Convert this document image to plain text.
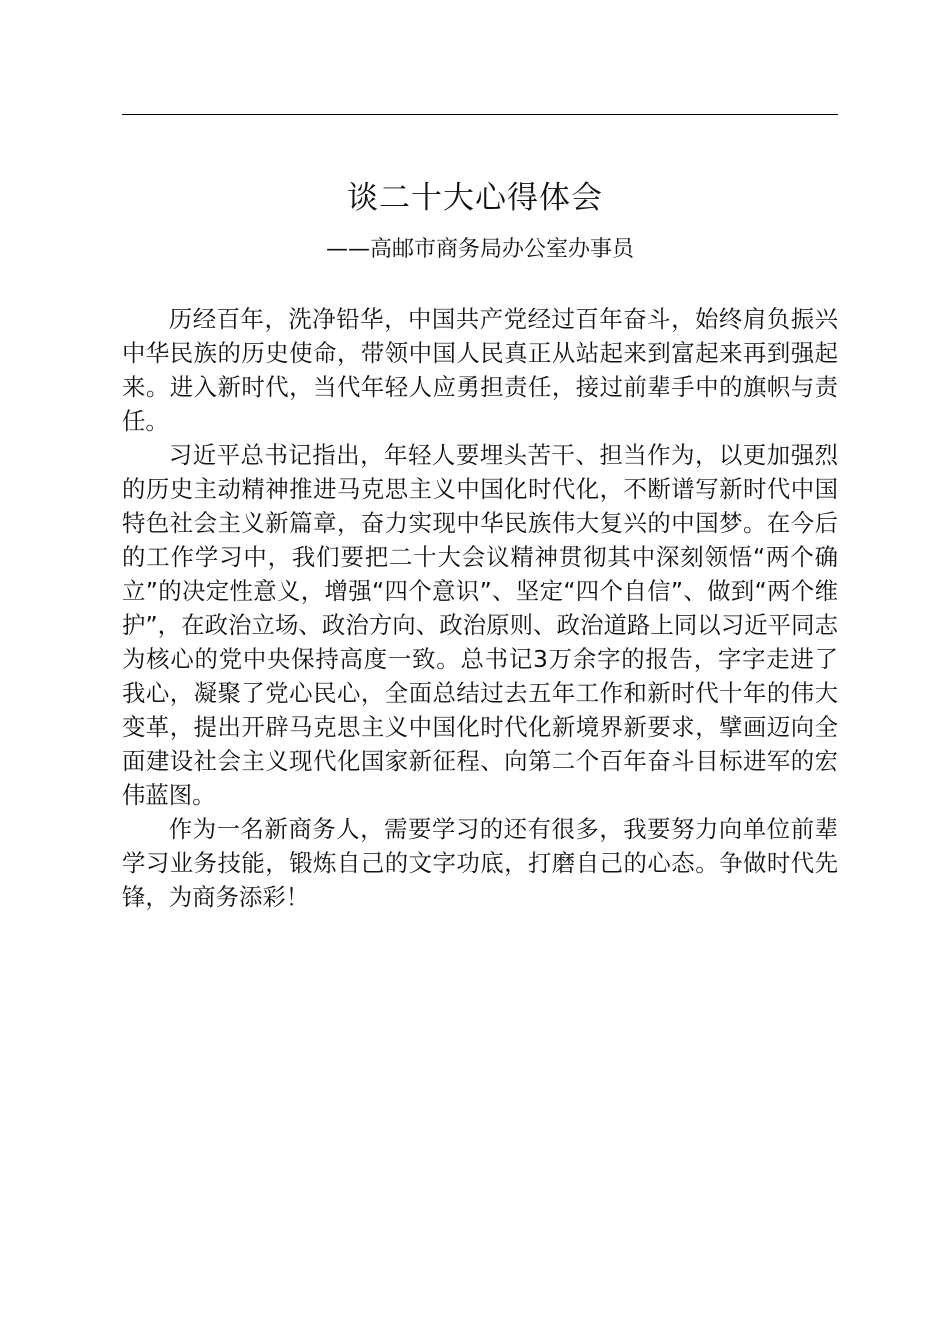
谈二十大心得体会

——高邮市商务局办公室办事员

历经百年，洗净铅华，中国共产党经过百年奋斗，始终肩负振兴中华民族的历史使命，带领中国人民真正从站起来到富起来再到强起来。进入新时代，当代年轻人应勇担责任，接过前辈手中的旗帜与责任。

习近平总书记指出，年轻人要埋头苦干、担当作为，以更加强烈的历史主动精神推进马克思主义中国化时代化，不断谱写新时代中国特色社会主义新篇章，奋力实现中华民族伟大复兴的中国梦。在今后的工作学习中，我们要把二十大会议精神贯彻其中深刻领悟“两个确立”的决定性意义，增强“四个意识”、坚定“四个自信”、做到“两个维护”，在政治立场、政治方向、政治原则、政治道路上同以习近平同志为核心的党中央保持高度一致。总书记3万余字的报告，字字走进了我心，凝聚了党心民心，全面总结过去五年工作和新时代十年的伟大变革，提出开辟马克思主义中国化时代化新境界新要求，擘画迈向全面建设社会主义现代化国家新征程、向第二个百年奋斗目标进军的宏伟蓝图。

作为一名新商务人，需要学习的还有很多，我要努力向单位前辈学习业务技能，锻炼自己的文字功底，打磨自己的心态。争做时代先锋，为商务添彩！
